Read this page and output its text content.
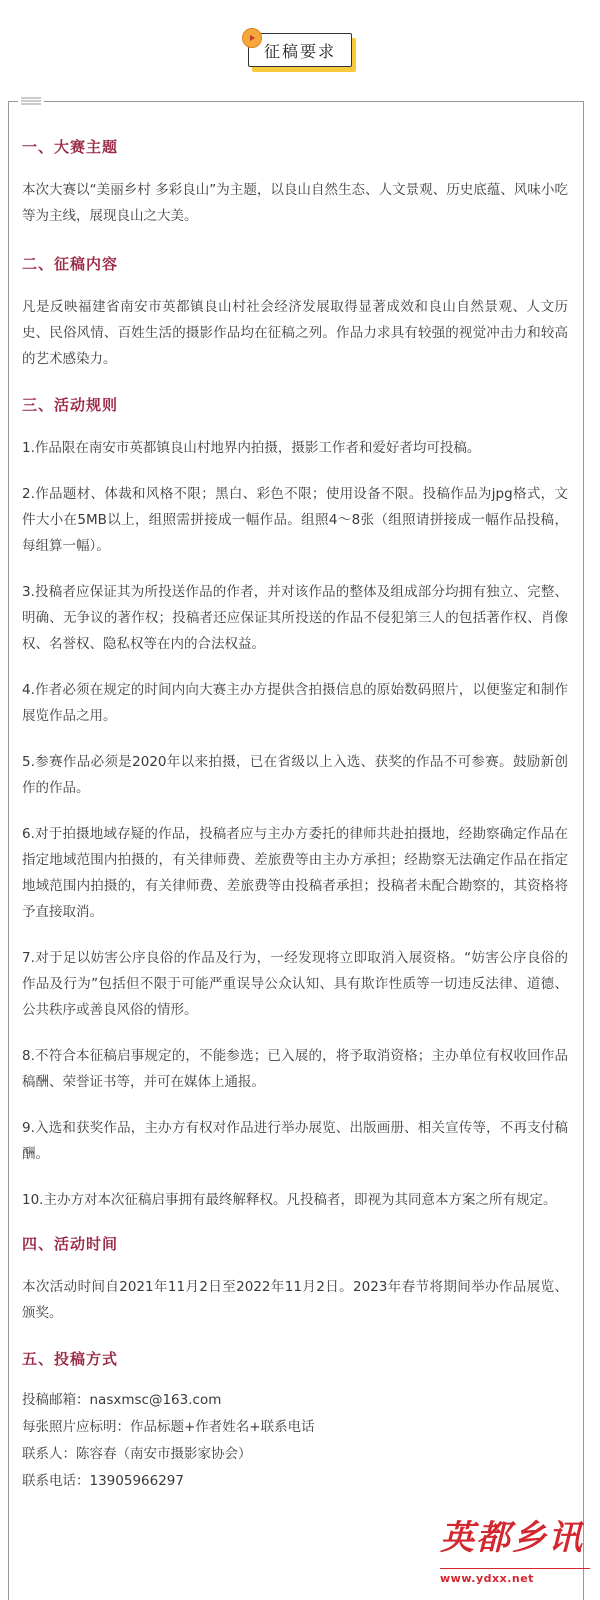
征稿要求
一、大赛主题

本次大赛以“美丽乡村 多彩良山”为主题，以良山自然生态、人文景观、历史底蕴、风味小吃等为主线，展现良山之大美。

二、征稿内容

凡是反映福建省南安市英都镇良山村社会经济发展取得显著成效和良山自然景观、人文历史、民俗风情、百姓生活的摄影作品均在征稿之列。作品力求具有较强的视觉冲击力和较高的艺术感染力。

三、活动规则

1.作品限在南安市英都镇良山村地界内拍摄，摄影工作者和爱好者均可投稿。

2.作品题材、体裁和风格不限；黑白、彩色不限；使用设备不限。投稿作品为jpg格式，文件大小在5MB以上，组照需拼接成一幅作品。组照4～8张（组照请拼接成一幅作品投稿，每组算一幅）。

3.投稿者应保证其为所投送作品的作者，并对该作品的整体及组成部分均拥有独立、完整、明确、无争议的著作权；投稿者还应保证其所投送的作品不侵犯第三人的包括著作权、肖像权、名誉权、隐私权等在内的合法权益。

4.作者必须在规定的时间内向大赛主办方提供含拍摄信息的原始数码照片，以便鉴定和制作展览作品之用。

5.参赛作品必须是2020年以来拍摄，已在省级以上入选、获奖的作品不可参赛。鼓励新创作的作品。

6.对于拍摄地域存疑的作品，投稿者应与主办方委托的律师共赴拍摄地，经勘察确定作品在指定地域范围内拍摄的，有关律师费、差旅费等由主办方承担；经勘察无法确定作品在指定地域范围内拍摄的，有关律师费、差旅费等由投稿者承担；投稿者未配合勘察的，其资格将予直接取消。

7.对于足以妨害公序良俗的作品及行为，一经发现将立即取消入展资格。“妨害公序良俗的作品及行为”包括但不限于可能严重误导公众认知、具有欺诈性质等一切违反法律、道德、公共秩序或善良风俗的情形。

8.不符合本征稿启事规定的，不能参选；已入展的，将予取消资格；主办单位有权收回作品稿酬、荣誉证书等，并可在媒体上通报。

9.入选和获奖作品，主办方有权对作品进行举办展览、出版画册、相关宣传等，不再支付稿酬。

10.主办方对本次征稿启事拥有最终解释权。凡投稿者，即视为其同意本方案之所有规定。

四、活动时间

本次活动时间自2021年11月2日至2022年11月2日。2023年春节将期间举办作品展览、颁奖。

五、投稿方式

投稿邮箱：nasxmsc@163.com

每张照片应标明：作品标题+作者姓名+联系电话

联系人：陈容春（南安市摄影家协会）

联系电话：13905966297

英都乡讯
www.ydxx.net
